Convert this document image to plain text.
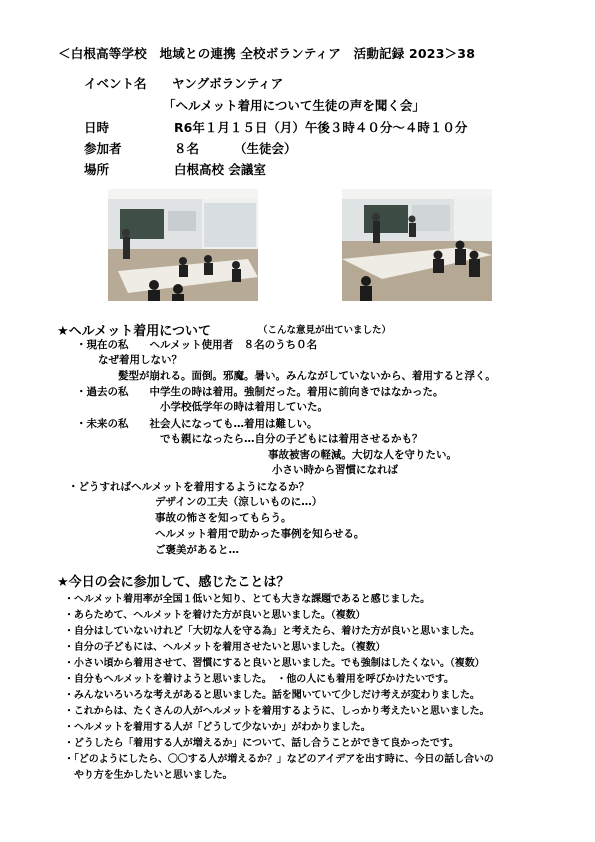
＜白根高等学校　地域との連携 全校ボランティア　活動記録 2023＞38
イベント名 ヤングボランティア
「ヘルメット着用について生徒の声を聞く会」
日時	R6年１月１５日（月）午後３時４０分～４時１０分
参加者	８名	（生徒会）
場所	白根高校 会議室
★ヘルメット着用について	（こんな意見が出ていました）
・現在の私　　ヘルメット使用者　８名のうち０名
なぜ着用しない？
髪型が崩れる。面倒。邪魔。暑い。みんながしていないから、着用すると浮く。
・過去の私　　中学生の時は着用。強制だった。着用に前向きではなかった。
小学校低学年の時は着用していた。
・未来の私　　社会人になっても…着用は難しい。
でも親になったら…自分の子どもには着用させるかも？
事故被害の軽減。大切な人を守りたい。
小さい時から習慣になれば
・どうすればヘルメットを着用するようになるか？
デザインの工夫（涼しいものに…）
事故の怖さを知ってもらう。
ヘルメット着用で助かった事例を知らせる。
ご褒美があると…
★今日の会に参加して、感じたことは？
・ヘルメット着用率が全国１低いと知り、とても大きな課題であると感じました。
・あらためて、ヘルメットを着けた方が良いと思いました。（複数）
・自分はしていないけれど「大切な人を守る為」と考えたら、着けた方が良いと思いました。
・自分の子どもには、ヘルメットを着用させたいと思いました。（複数）
・小さい頃から着用させて、習慣にすると良いと思いました。でも強制はしたくない。（複数）
・自分もヘルメットを着けようと思いました。　・他の人にも着用を呼びかけたいです。
・みんないろいろな考えがあると思いました。話を聞いていて少しだけ考えが変わりました。
・これからは、たくさんの人がヘルメットを着用するように、しっかり考えたいと思いました。
・ヘルメットを着用する人が「どうして少ないか」がわかりました。
・どうしたら「着用する人が増えるか」について、話し合うことができて良かったです。
・「どのようにしたら、〇〇する人が増えるか？」などのアイデアを出す時に、今日の話し合いの
やり方を生かしたいと思いました。
